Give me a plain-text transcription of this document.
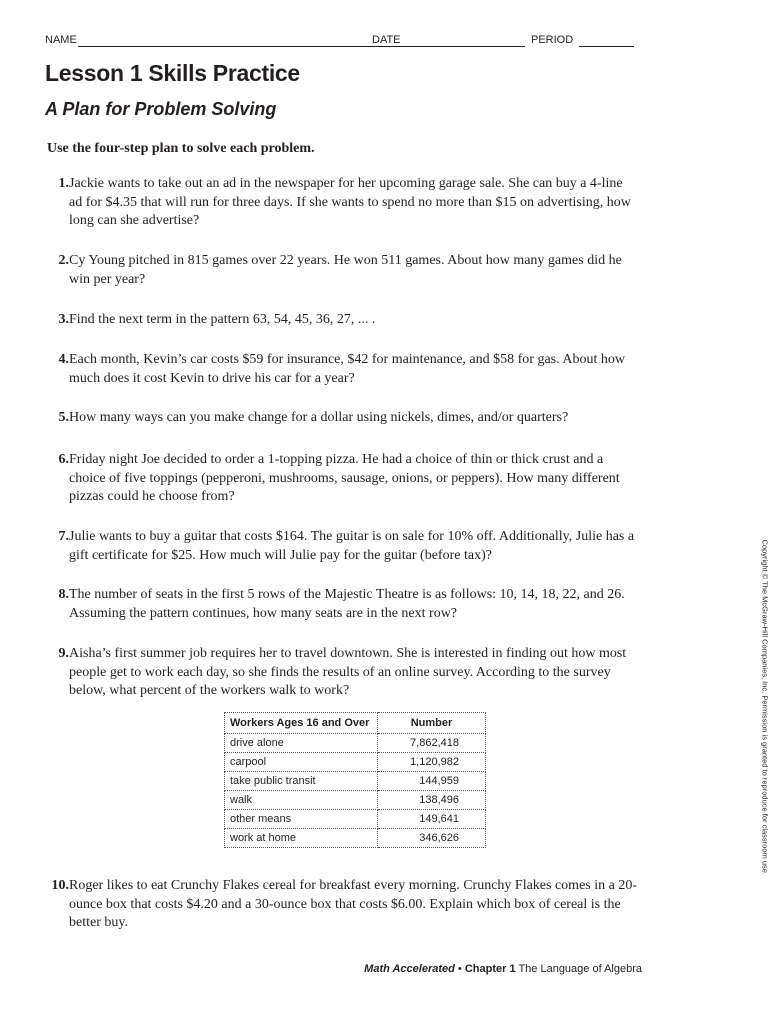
NAME	DATE	PERIOD
Lesson 1 Skills Practice
A Plan for Problem Solving
Use the four-step plan to solve each problem.
1. Jackie wants to take out an ad in the newspaper for her upcoming garage sale. She can buy a 4-line ad for $4.35 that will run for three days. If she wants to spend no more than $15 on advertising, how long can she advertise?
2. Cy Young pitched in 815 games over 22 years. He won 511 games. About how many games did he win per year?
3. Find the next term in the pattern 63, 54, 45, 36, 27, ... .
4. Each month, Kevin’s car costs $59 for insurance, $42 for maintenance, and $58 for gas. About how much does it cost Kevin to drive his car for a year?
5. How many ways can you make change for a dollar using nickels, dimes, and/or quarters?
6. Friday night Joe decided to order a 1-topping pizza. He had a choice of thin or thick crust and a choice of five toppings (pepperoni, mushrooms, sausage, onions, or peppers). How many different pizzas could he choose from?
7. Julie wants to buy a guitar that costs $164. The guitar is on sale for 10% off. Additionally, Julie has a gift certificate for $25. How much will Julie pay for the guitar (before tax)?
8. The number of seats in the first 5 rows of the Majestic Theatre is as follows: 10, 14, 18, 22, and 26. Assuming the pattern continues, how many seats are in the next row?
9. Aisha’s first summer job requires her to travel downtown. She is interested in finding out how most people get to work each day, so she finds the results of an online survey. According to the survey below, what percent of the workers walk to work?
Workers Ages 16 and Over	Number
drive alone	7,862,418
carpool	1,120,982
take public transit	144,959
walk	138,496
other means	149,641
work at home	346,626
10. Roger likes to eat Crunchy Flakes cereal for breakfast every morning. Crunchy Flakes comes in a 20-ounce box that costs $4.20 and a 30-ounce box that costs $6.00. Explain which box of cereal is the better buy.
Copyright © The McGraw-Hill Companies, Inc. Permission is granted to reproduce for classroom use.
Math Accelerated • Chapter 1 The Language of Algebra
